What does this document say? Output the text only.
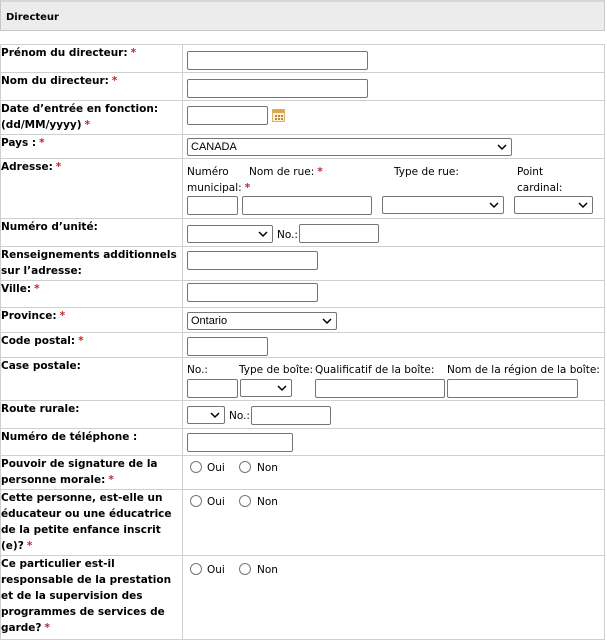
Directeur
Prénom du directeur: *	

Nom du directeur: *	

Date d’entrée en fonction: (dd/MM/yyyy) *	

Pays : *	CANADA

Adresse: *	Numéro municipal: *
Nom de rue: * Type de rue: Point cardinal:

Numéro d’unité:	No.:

Renseignements additionnels sur l’adresse:	

Ville: *	

Province: *	Ontario

Code postal: *	

Case postale:	No.: Type de boîte: Qualificatif de la boîte: Nom de la région de la boîte:

Route rurale:	No.:

Numéro de téléphone :	

Pouvoir de signature de la personne morale: *	Oui Non

Cette personne, est-elle un éducateur ou une éducatrice de la petite enfance inscrit (e)? *	Oui Non

Ce particulier est-il responsable de la prestation et de la supervision des programmes de services de garde? *	Oui Non
